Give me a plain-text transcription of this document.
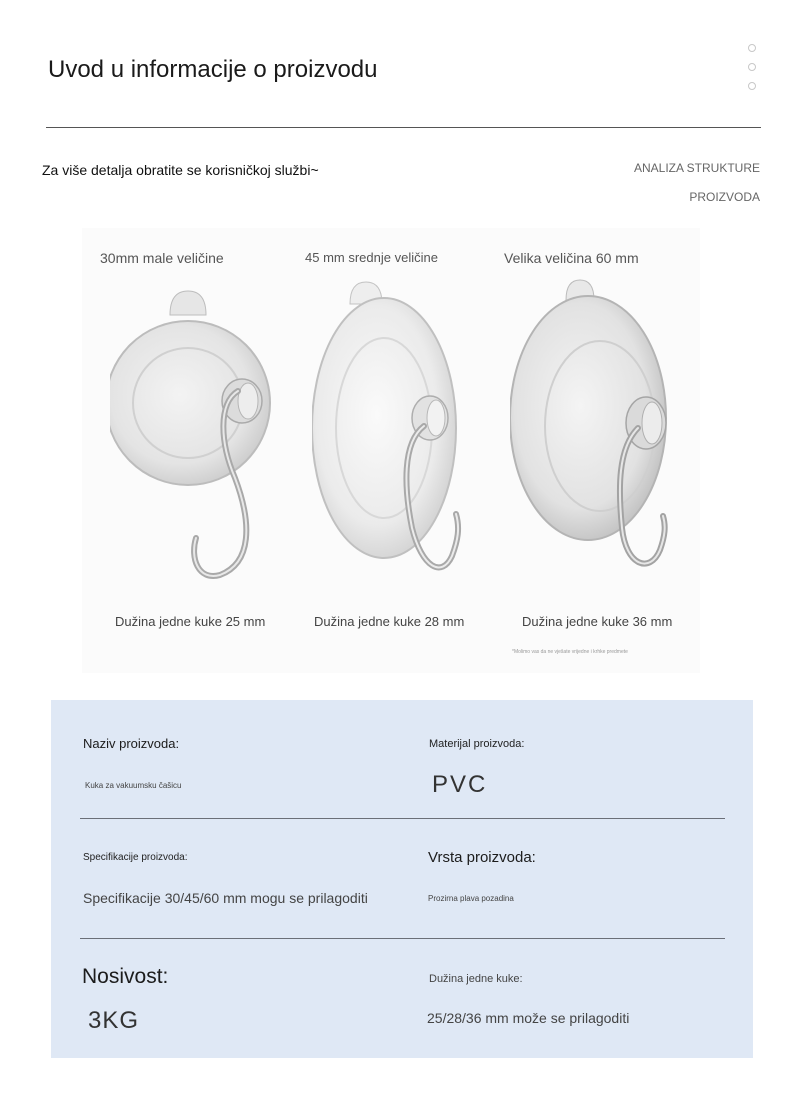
Uvod u informacije o proizvodu
Za više detalja obratite se korisničkoj službi~	ANALIZA STRUKTURE
PROIZVODA
30mm male veličine
Dužina jedne kuke 25 mm
45 mm srednje veličine
Dužina jedne kuke 28 mm
Velika veličina 60 mm
Dužina jedne kuke 36 mm
*Molimo vas da ne vješate vrijedne i krhke predmete
Naziv proizvoda:
Kuka za vakuumsku čašicu
Materijal proizvoda:
PVC
Specifikacije proizvoda:
Specifikacije 30/45/60 mm mogu se prilagoditi
Vrsta proizvoda:
Prozirna plava pozadina
Nosivost:
3KG
Dužina jedne kuke:
25/28/36 mm može se prilagoditi
